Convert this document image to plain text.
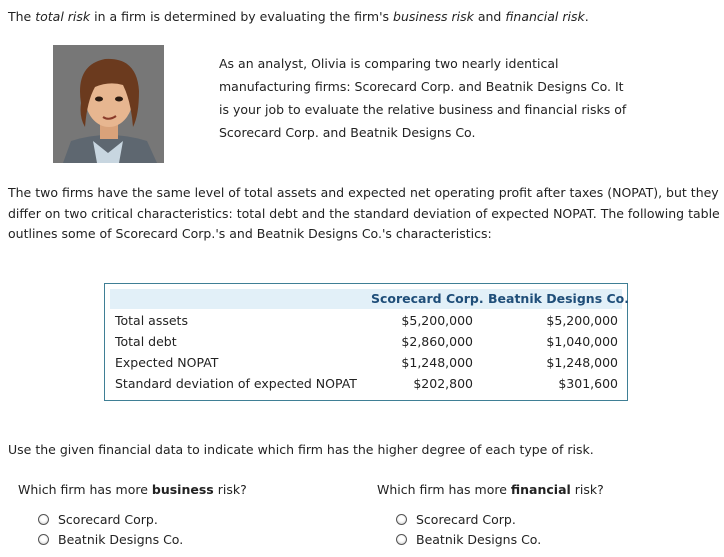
The total risk in a firm is determined by evaluating the firm's business risk and financial risk.
As an analyst, Olivia is comparing two nearly identical
manufacturing firms: Scorecard Corp. and Beatnik Designs Co. It
is your job to evaluate the relative business and financial risks of
Scorecard Corp. and Beatnik Designs Co.
The two firms have the same level of total assets and expected net operating profit after taxes (NOPAT), but they
differ on two critical characteristics: total debt and the standard deviation of expected NOPAT. The following table
outlines some of Scorecard Corp.'s and Beatnik Designs Co.'s characteristics:
Scorecard Corp. Beatnik Designs Co.
Total assets	$5,200,000	$5,200,000
Total debt	$2,860,000	$1,040,000
Expected NOPAT	$1,248,000	$1,248,000
Standard deviation of expected NOPAT	$202,800	$301,600
Use the given financial data to indicate which firm has the higher degree of each type of risk.
Which firm has more business risk?	Which firm has more financial risk?
Scorecard Corp.
Beatnik Designs Co.
Scorecard Corp.
Beatnik Designs Co.
